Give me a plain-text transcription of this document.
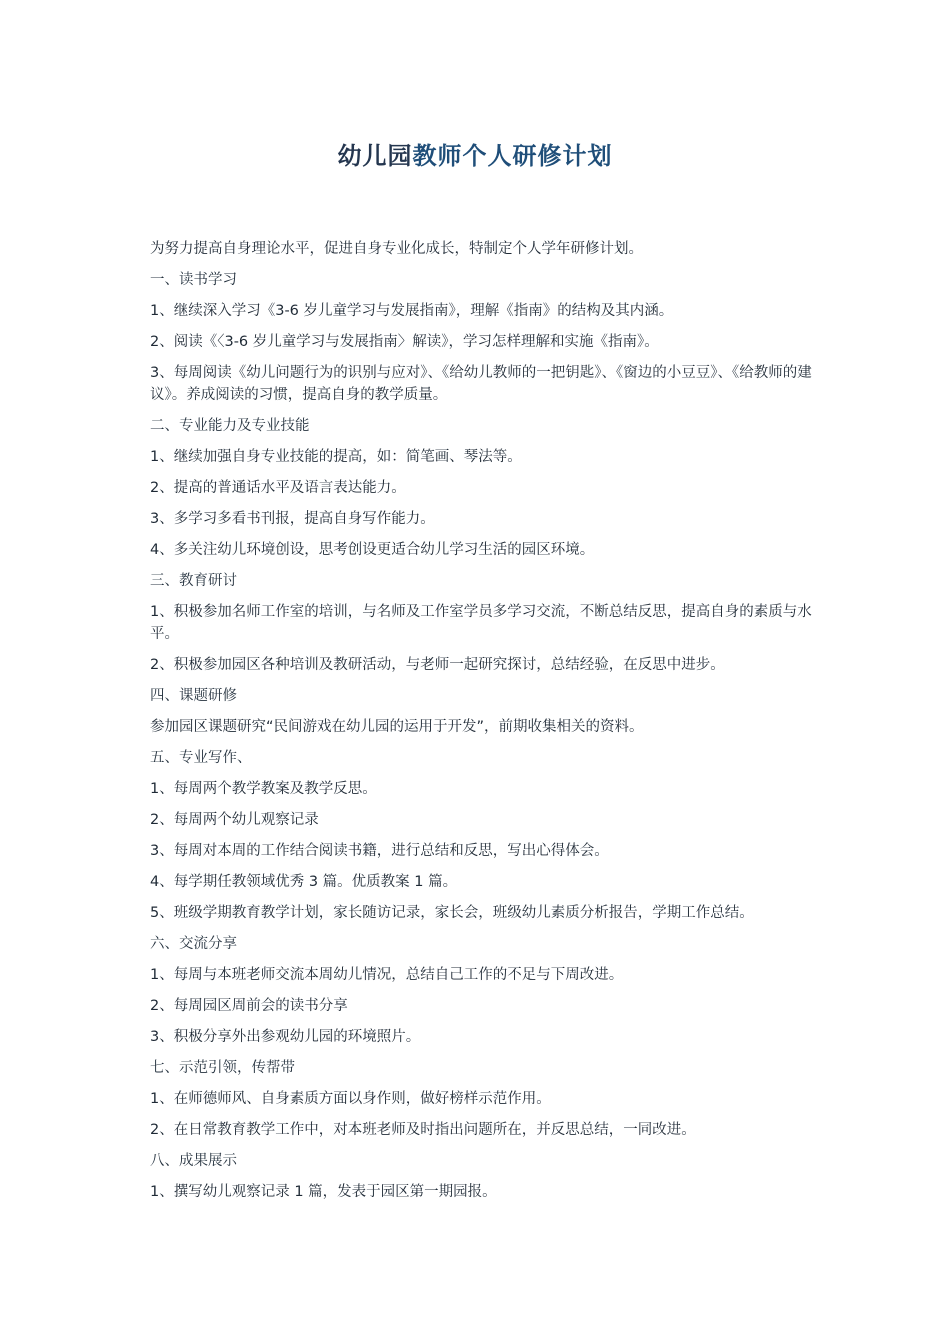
幼儿园教师个人研修计划

为努力提高自身理论水平，促进自身专业化成长，特制定个人学年研修计划。

一、读书学习

1、继续深入学习《3-6 岁儿童学习与发展指南》，理解《指南》的结构及其内涵。

2、阅读《〈3-6 岁儿童学习与发展指南〉解读》，学习怎样理解和实施《指南》。

3、每周阅读《幼儿问题行为的识别与应对》、《给幼儿教师的一把钥匙》、《窗边的小豆豆》、《给教师的建议》。养成阅读的习惯，提高自身的教学质量。

二、专业能力及专业技能

1、继续加强自身专业技能的提高，如：简笔画、琴法等。

2、提高的普通话水平及语言表达能力。

3、多学习多看书刊报，提高自身写作能力。

4、多关注幼儿环境创设，思考创设更适合幼儿学习生活的园区环境。

三、教育研讨

1、积极参加名师工作室的培训，与名师及工作室学员多学习交流，不断总结反思，提高自身的素质与水平。

2、积极参加园区各种培训及教研活动，与老师一起研究探讨，总结经验，在反思中进步。

四、课题研修

参加园区课题研究“民间游戏在幼儿园的运用于开发”，前期收集相关的资料。

五、专业写作、

1、每周两个教学教案及教学反思。

2、每周两个幼儿观察记录

3、每周对本周的工作结合阅读书籍，进行总结和反思，写出心得体会。

4、每学期任教领域优秀 3 篇。优质教案 1 篇。

5、班级学期教育教学计划，家长随访记录，家长会，班级幼儿素质分析报告，学期工作总结。

六、交流分享

1、每周与本班老师交流本周幼儿情况，总结自己工作的不足与下周改进。

2、每周园区周前会的读书分享

3、积极分享外出参观幼儿园的环境照片。

七、示范引领，传帮带

1、在师德师风、自身素质方面以身作则，做好榜样示范作用。

2、在日常教育教学工作中，对本班老师及时指出问题所在，并反思总结，一同改进。

八、成果展示

1、撰写幼儿观察记录 1 篇，发表于园区第一期园报。
